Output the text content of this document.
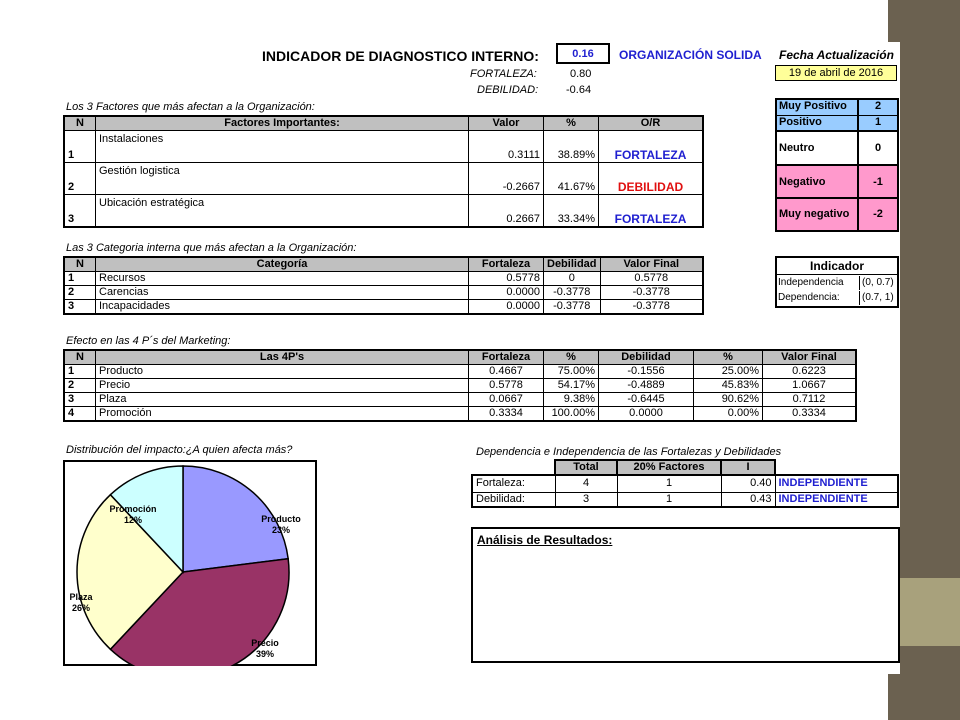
INDICADOR DE DIAGNOSTICO INTERNO:	0.16	ORGANIZACIÓN SOLIDA Fecha Actualización
19 de abril de 2016
FORTALEZA:	0.80
DEBILIDAD:	-0.64
Los 3 Factores que más afectan a la Organización:
N	Factores Importantes:	Valor	%	O/R
1	Instalaciones	0.3111	38.89%	FORTALEZA
2	Gestión logistica	-0.2667	41.67%	DEBILIDAD
3	Ubicación estratégica	0.2667	33.34%	FORTALEZA
Muy Positivo	2
Positivo	1
Neutro	0
Negativo	-1
Muy negativo	-2
Las 3 Categoria interna que más afectan a la Organización:
N	Categoría	Fortaleza	Debilidad	Valor Final
1	Recursos	0.5778	0	0.5778
2	Carencias	0.0000	-0.3778	-0.3778
3	Incapacidades	0.0000	-0.3778	-0.3778
Indicador
Independencia	(0, 0.7)
Dependencia:	(0.7, 1)
Efecto en las 4 P´s del Marketing:
N	Las 4P's	Fortaleza	%	Debilidad	%	Valor Final
1	Producto	0.4667	75.00%	-0.1556	25.00%	0.6223
2	Precio	0.5778	54.17%	-0.4889	45.83%	1.0667
3	Plaza	0.0667	9.38%	-0.6445	90.62%	0.7112
4	Promoción	0.3334	100.00%	0.0000	0.00%	0.3334
Distribución del impacto:¿A quien afecta más?
Producto 23%
Precio 39%
Plaza 26%
Promoción 12%
Dependencia e Independencia de las Fortalezas y Debilidades
	Total	20% Factores	I	
Fortaleza:	4	1	0.40	INDEPENDIENTE
Debilidad:	3	1	0.43	INDEPENDIENTE
Análisis de Resultados:
